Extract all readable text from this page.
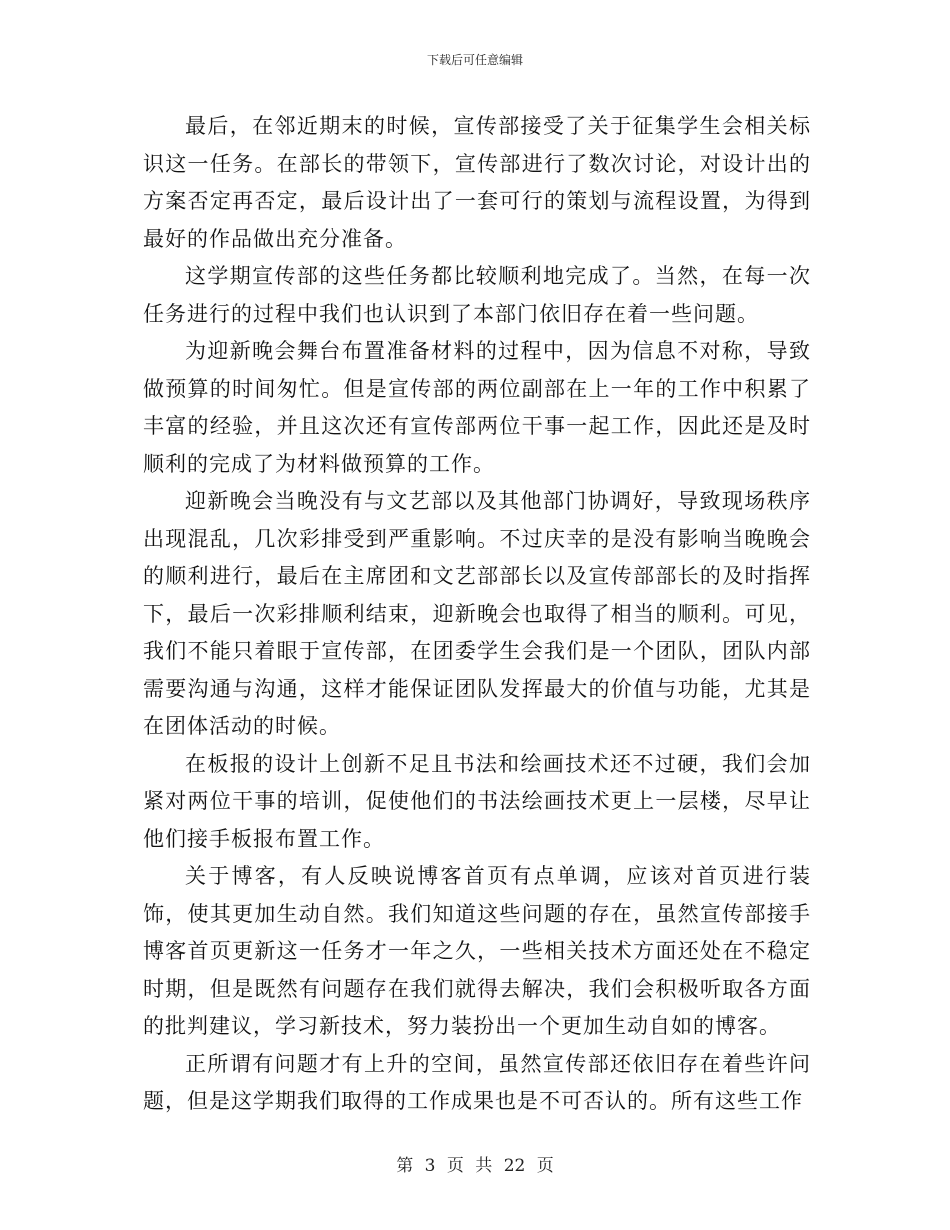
下载后可任意编辑

最后，在邻近期末的时候，宣传部接受了关于征集学生会相关标识这一任务。在部长的带领下，宣传部进行了数次讨论，对设计出的方案否定再否定，最后设计出了一套可行的策划与流程设置，为得到最好的作品做出充分准备。

这学期宣传部的这些任务都比较顺利地完成了。当然，在每一次任务进行的过程中我们也认识到了本部门依旧存在着一些问题。

为迎新晚会舞台布置准备材料的过程中，因为信息不对称，导致做预算的时间匆忙。但是宣传部的两位副部在上一年的工作中积累了丰富的经验，并且这次还有宣传部两位干事一起工作，因此还是及时顺利的完成了为材料做预算的工作。

迎新晚会当晚没有与文艺部以及其他部门协调好，导致现场秩序出现混乱，几次彩排受到严重影响。不过庆幸的是没有影响当晚晚会的顺利进行，最后在主席团和文艺部部长以及宣传部部长的及时指挥下，最后一次彩排顺利结束，迎新晚会也取得了相当的顺利。可见，我们不能只着眼于宣传部，在团委学生会我们是一个团队，团队内部需要沟通与沟通，这样才能保证团队发挥最大的价值与功能，尤其是在团体活动的时候。

在板报的设计上创新不足且书法和绘画技术还不过硬，我们会加紧对两位干事的培训，促使他们的书法绘画技术更上一层楼，尽早让他们接手板报布置工作。

关于博客，有人反映说博客首页有点单调，应该对首页进行装饰，使其更加生动自然。我们知道这些问题的存在，虽然宣传部接手博客首页更新这一任务才一年之久，一些相关技术方面还处在不稳定时期，但是既然有问题存在我们就得去解决，我们会积极听取各方面的批判建议，学习新技术，努力装扮出一个更加生动自如的博客。

正所谓有问题才有上升的空间，虽然宣传部还依旧存在着些许问题，但是这学期我们取得的工作成果也是不可否认的。所有这些工作

第 3 页 共 22 页
